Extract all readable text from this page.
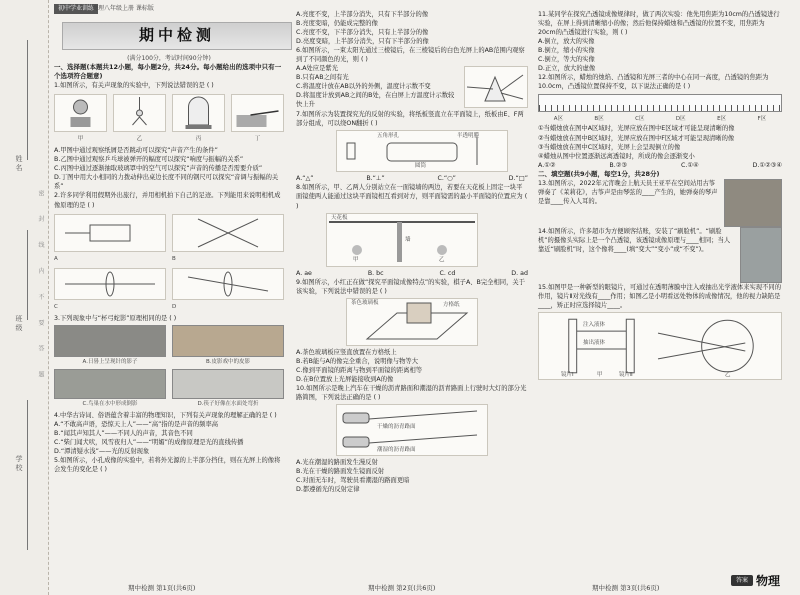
姓名
班级
学校
密 封 线 内 不 要 答 题
初中学业训练
物理八年级上册 课标版
期中检测

(满分100分，考试时间90分钟)

一、选择题(本题共12小题，每小题2分，共24分。每小题给出的选项中只有一个选项符合题意)

1.如图所示，有关声现象的实验中，下列说法错误的是 ( )

甲	乙	丙	丁

A.甲图中通过观察纸屑是否跳动可以探究“声音产生的条件”

B.乙图中通过观察乒乓球被弹开的幅度可以探究“响度与振幅的关系”

C.丙图中通过逐渐抽取玻璃罩中的空气可以探究“声音的传播是否需要介质”

D.丁图中用大小相同的力拨动伸出桌边长度不同的钢尺可以探究“音调与振幅的关系”

2.许多同学利用假期外出旅行，并用相机拍下自己的足迹。下列能用来说明相机成像原理的是 ( )

A	B
C	D

3.下列现象中与“杯弓蛇影”原理相同的是 ( )

A.日晷上呈现针的影子	B.皮影戏中的皮影
C.鸟巢在水中形成倒影	D.筷子好像在水面处弯折

4.中华古诗词、俗语蕴含着丰富的物理知识，下列有关声现象的理解正确的是 ( )

A.“不敢高声语，恐惊天上人”——“高”指的是声音的频率高

B.“闻其声知其人”——不同人的声音，其音色不同

C.“柴门闻犬吠，风雪夜归人”——“明媚”的成像原理是光的直线传播

D.“潭清疑水浅”——光的反射现象

5.如图所示，小孔成像的实验中，若将外光源的上半部分挡住，则在光屏上的像将会发生的变化是 ( )

期中检测 第1页(共6页)

A.亮度不变，上半部分消失，只有下半部分的像

B.亮度变暗，仍能成完整的像

C.亮度不变，下半部分消失，只有上半部分的像

D.亮度变暗，上半部分消失，只有下半部分的像

6.如图所示，一束太阳光通过三棱镜后，在三棱镜后的白色光屏上的AB范围内观察到了不同颜色的光，则 ( )

A.A处应是紫光

B.只有AB之间有光

C.将温度计放在AB以外的外侧，温度计示数不变

D.将温度计放到AB之间的B处，在白屏上方温度计示数较快上升

7.如图所示为装置探究光的反射的实验，将纸板竖直立在平面镜上，纸板由E、F两部分组成，可以绕ON翻折 ( )

五角形孔	半透明膜
圆筒
A.“△”	B.“⊥”	C.“○”	D.“□”

8.如图所示，甲、乙两人分别站立在一面镜墙的两边，若要在天花板上固定一块平面镜使两人能通过这块平面镜相互看到对方，则平面镜需的最小平面镜的位置应为 ( )

天花板
墙
甲	乙
A. ae	B. bc	C. cd	D. ad

9.如图所示，小红正在做“探究平面镜成像特点”的实验，棋子A、B完全相同，关于该实验，下列说法中错误的是 ( )

茶色玻璃板	方格纸

A.茶色玻璃板应竖直放置在方格纸上

B.若B能与A的像完全重合，说明像与物等大

C.像到平面镜的距离与物到平面镜的距离相等

D.在B位置放上光屏能接收到A的像

10.如图所示是晚上汽车在干燥的沥青路面和潮湿的沥青路面上行驶时大灯的部分光路简图，下列说法正确的是 ( )

干燥的沥青路面
潮湿的沥青路面

A.光在潮湿的路面发生漫反射

B.光在干燥的路面发生镜面反射

C.对面无车时，驾驶员看潮湿的路面更暗

D.都遵循光的反射定律

期中检测 第2页(共6页)

11.某同学在探究凸透镜成像规律时，做了两次实验：他先用焦距为10cm的凸透镜进行实验，在屏上得到清晰缩小的像；然后他保持蜡烛和凸透镜的位置不变，用焦距为20cm的凸透镜进行实验，则 ( )

A.倒立，放大的实像

B.倒立，缩小的实像

C.倒立，等大的实像

D.正立，放大的虚像

12.如图所示，蜡烛的烛焰、凸透镜和光屏三者的中心在同一高度，凸透镜的焦距为10.0cm，凸透镜位置保持不变，以下说法正确的是 ( )

A区	B区	C区	D区	E区	F区

①当蜡烛放在图中A区域时，光屏应放在图中E区域才可能呈现清晰的像

②当蜡烛放在图中B区域时，光屏应放在图中F区域才可能呈现清晰的像

③当蜡烛放在图中C区域时，光屏上会呈现倒立的像

④蜡烛从图中位置逐渐远离透镜时，所成的像会逐渐变小

A.①②	B.②③	C.①④	D.①②③④

二、填空题(共9小题，每空1分，共28分)

13.如图所示，2022年元宵晚会上航天员王亚平在空间站用古筝弹奏了《茉莉花》，古筝声是由琴弦的____产生的，她弹奏的琴声是靠____传入人耳的。

14.如图所示，许多超市为方便顾客结账，安装了“刷脸机”。“刷脸机”的摄像头实际上是一个凸透镜，该透镜成像原理与____相同；当人靠近“刷脸机”时，这个像将____(填“变大”“变小”或“不变”)。

15.如图甲是一种新型的眼镜片，可通过在透明薄膜中注入或抽出光学液体来实现不同的作用，镜片Ⅱ对光线有____作用；如图乙是小明看远处物体的成像情况，他的视力缺陷是____，矫正时应选择镜片____。

注入液体
抽出液体
镜片Ⅰ	镜片Ⅱ
甲	乙
期中检测 第3页(共6页)
答案 物理
